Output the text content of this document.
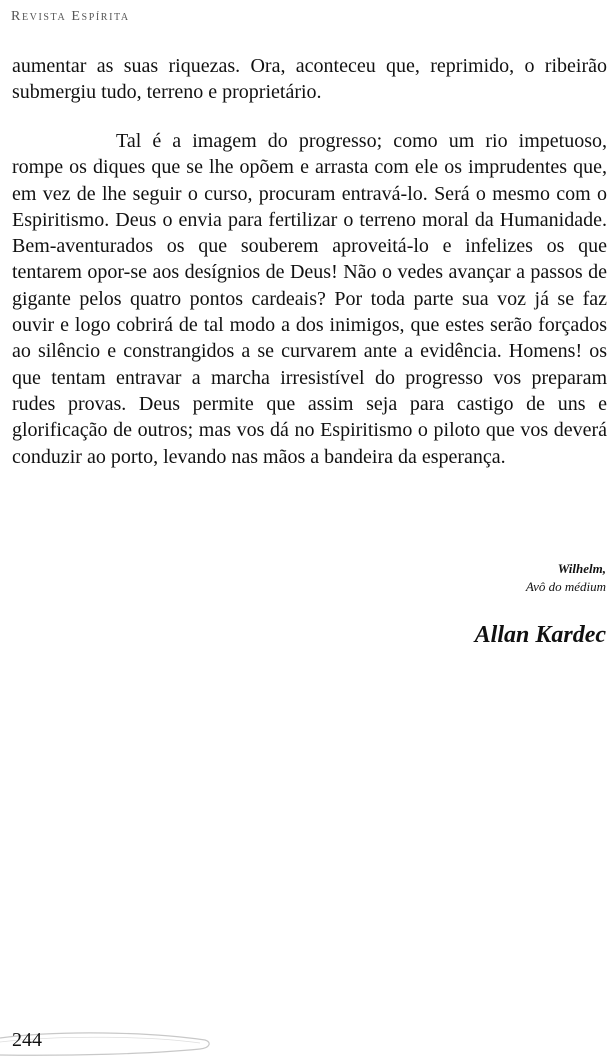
Revista Espírita

aumentar as suas riquezas. Ora, aconteceu que, reprimido, o ribeirão submergiu tudo, terreno e proprietário.

Tal é a imagem do progresso; como um rio impetuoso, rompe os diques que se lhe opõem e arrasta com ele os imprudentes que, em vez de lhe seguir o curso, procuram entravá-lo. Será o mesmo com o Espiritismo. Deus o envia para fertilizar o terreno moral da Humanidade. Bem-aventurados os que souberem aproveitá-lo e infelizes os que tentarem opor-se aos desígnios de Deus! Não o vedes avançar a passos de gigante pelos quatro pontos cardeais? Por toda parte sua voz já se faz ouvir e logo cobrirá de tal modo a dos inimigos, que estes serão forçados ao silêncio e constrangidos a se curvarem ante a evidência. Homens! os que tentam entravar a marcha irresistível do progresso vos preparam rudes provas. Deus permite que assim seja para castigo de uns e glorificação de outros; mas vos dá no Espiritismo o piloto que vos deverá conduzir ao porto, levando nas mãos a bandeira da esperança.

Wilhelm,
Avô do médium
Allan Kardec
244
